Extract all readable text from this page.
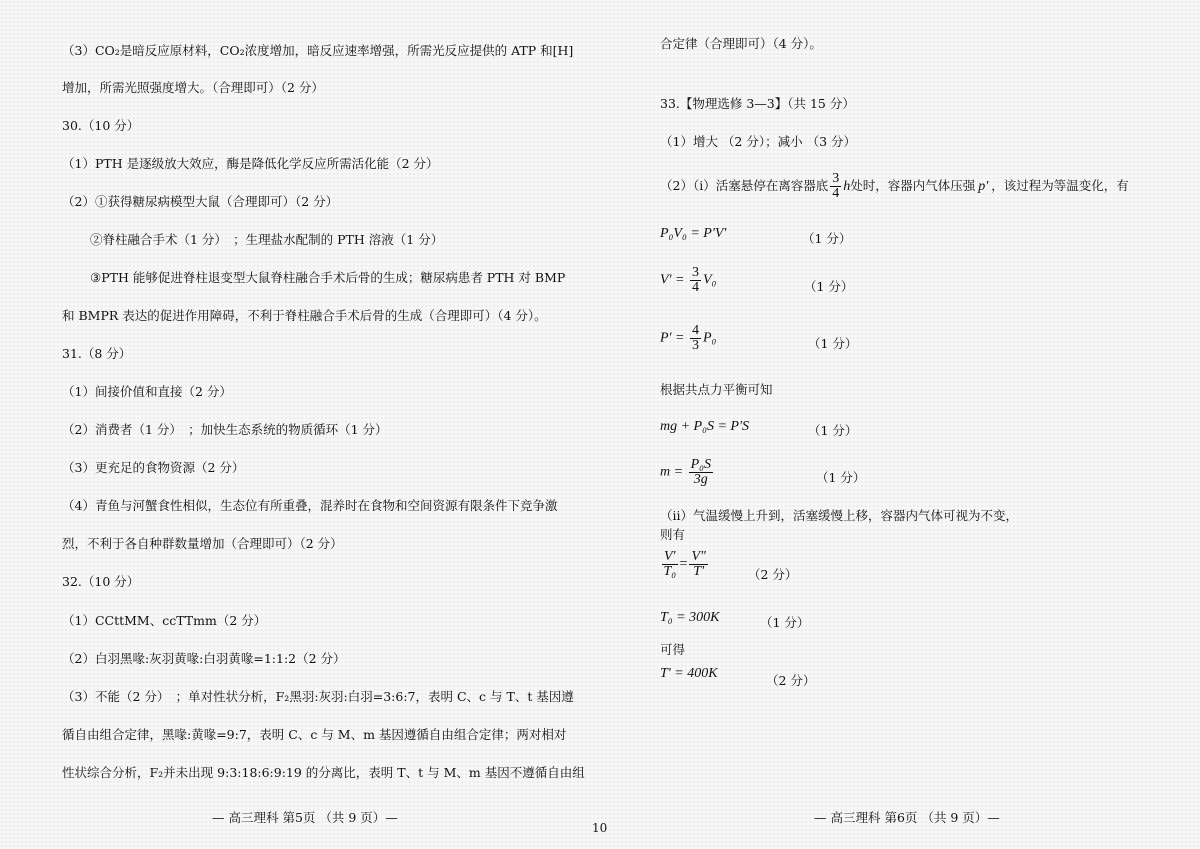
（3）CO₂是暗反应原材料，CO₂浓度增加，暗反应速率增强，所需光反应提供的 ATP 和[H]
增加，所需光照强度增大。（合理即可）（2 分）
30.（10 分）
（1）PTH 是逐级放大效应，酶是降低化学反应所需活化能（2 分）
（2）①获得糖尿病模型大鼠（合理即可）（2 分）
②脊柱融合手术（1 分）　；生理盐水配制的 PTH 溶液（1 分）
③PTH 能够促进脊柱退变型大鼠脊柱融合手术后骨的生成；糖尿病患者 PTH 对 BMP
和 BMPR 表达的促进作用障碍，不利于脊柱融合手术后骨的生成（合理即可）（4 分）。
31.（8 分）
（1）间接价值和直接（2 分）
（2）消费者（1 分）　；加快生态系统的物质循环（1 分）
（3）更充足的食物资源（2 分）
（4）青鱼与河蟹食性相似，生态位有所重叠，混养时在食物和空间资源有限条件下竞争激
烈，不利于各自种群数量增加（合理即可）（2 分）
32.（10 分）
（1）CCttMM、ccTTmm（2 分）
（2）白羽黑喙:灰羽黄喙:白羽黄喙=1:1:2（2 分）
（3）不能（2 分）　；单对性状分析，F₂黑羽:灰羽:白羽=3:6:7，表明 C、c 与 T、t 基因遵
循自由组合定律，黑喙:黄喙=9:7，表明 C、c 与 M、m 基因遵循自由组合定律；两对相对
性状综合分析，F₂并未出现 9:3:18:6:9:19 的分离比，表明 T、t 与 M、m 基因不遵循自由组
— 高三理科 第5页 （共 9 页）—
10
合定律（合理即可）（4 分）。
33.【物理选修 3—3】（共 15 分）
（1）增大 （2 分）；减小 （3 分）
（2）（ⅰ）活塞悬停在离容器底 $\frac{3}{4}$ h处时，容器内气体压强 p' ，该过程为等温变化，有
P₀V₀ = P'V'	（1 分）
$V' = \frac{3}{4} V_0$	（1 分）
$P' = \frac{4}{3} P_0$	（1 分）
根据共点力平衡可知
mg + P₀S = P'S	（1 分）
$m = \frac{\text{P₀S}}{3g}$	（1 分）
（ii）气温缓慢上升到，活塞缓慢上移，容器内气体可视为不变，
则有
$\frac{V'}{\text{T₀}} = \frac{V"}{T'}$	（2 分）
T₀ = 300K	（1 分）
可得
T' = 400K	（2 分）
— 高三理科 第6页 （共 9 页）—
